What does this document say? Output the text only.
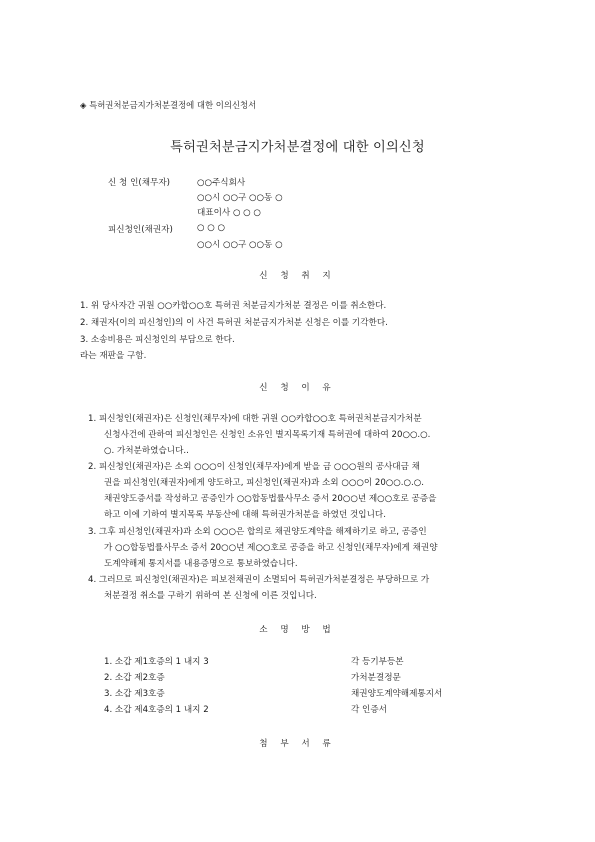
◈ 특허권처분금지가처분결정에 대한 이의신청서
특허권처분금지가처분결정에 대한 이의신청
신 청 인(채무자)	○○주식회사
○○시 ○○구 ○○동 ○
대표이사 ○ ○ ○
피신청인(채권자)	○ ○ ○
○○시 ○○구 ○○동 ○
신 청 취 지
1. 위 당사자간 귀원 ○○카합○○호 특허권 처분금지가처분 결정은 이를 취소한다.
2. 채권자(이의 피신청인)의 이 사건 특허권 처분금지가처분 신청은 이를 기각한다.
3. 소송비용은 피신청인의 부담으로 한다.
라는 재판을 구함.
신 청 이 유
1. 피신청인(채권자)은 신청인(채무자)에 대한 귀원 ○○카합○○호 특허권처분금지가처분
신청사건에 관하여 피신청인은 신청인 소유인 별지목록기재 특허권에 대하여 20○○.○.
○. 가처분하였습니다..
2. 피신청인(채권자)은 소외 ○○○이 신청인(채무자)에게 받을 금 ○○○원의 공사대금 채
권을 피신청인(채권자)에게 양도하고, 피신청인(채권자)과 소외 ○○○이 20○○.○.○.
채권양도증서를 작성하고 공증인가 ○○합동법률사무소 증서 20○○년 제○○호로 공증을
하고 이에 기하여 별지목록 부동산에 대해 특허권가처분을 하였던 것입니다.
3. 그후 피신청인(채권자)과 소외 ○○○은 합의로 채권양도계약을 해제하기로 하고, 공증인
가 ○○합동법률사무소 증서 20○○년 제○○호로 공증을 하고 신청인(채무자)에게 채권양
도계약해제 통지서를 내용증명으로 통보하였습니다.
4. 그러므로 피신청인(채권자)은 피보전채권이 소멸되어 특허권가처분결정은 부당하므로 가
처분결정 취소를 구하기 위하여 본 신청에 이른 것입니다.
소 명 방 법
1. 소갑 제1호증의 1 내지 3	각 등기부등본
2. 소갑 제2호증	가처분결정문
3. 소갑 제3호증	채권양도계약해제통지서
4. 소갑 제4호증의 1 내지 2	각 인증서
첨 부 서 류
